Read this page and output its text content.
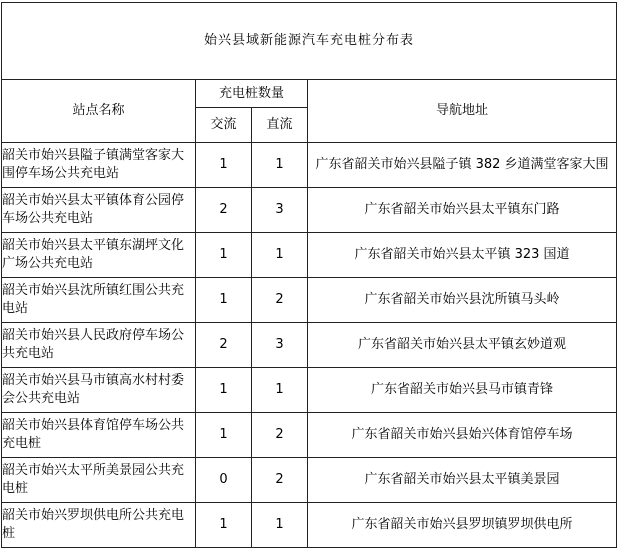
始兴县域新能源汽车充电桩分布表			
站点名称	充电桩数量		导航地址
	交流	直流	
韶关市始兴县隘子镇满堂客家大围停车场公共充电站	1	1	广东省韶关市始兴县隘子镇 382 乡道满堂客家大围
韶关市始兴县太平镇体育公园停车场公共充电站	2	3	广东省韶关市始兴县太平镇东门路
韶关市始兴县太平镇东湖坪文化广场公共充电站	1	1	广东省韶关市始兴县太平镇 323 国道
韶关市始兴县沈所镇红围公共充电站	1	2	广东省韶关市始兴县沈所镇马头岭
韶关市始兴县人民政府停车场公共充电站	2	3	广东省韶关市始兴县太平镇玄妙道观
韶关市始兴县马市镇高水村村委会公共充电站	1	1	广东省韶关市始兴县马市镇青锋
韶关市始兴县体育馆停车场公共充电桩	1	2	广东省韶关市始兴县始兴体育馆停车场
韶关市始兴太平所美景园公共充电桩	0	2	广东省韶关市始兴县太平镇美景园
韶关市始兴罗坝供电所公共充电桩	1	1	广东省韶关市始兴县罗坝镇罗坝供电所
